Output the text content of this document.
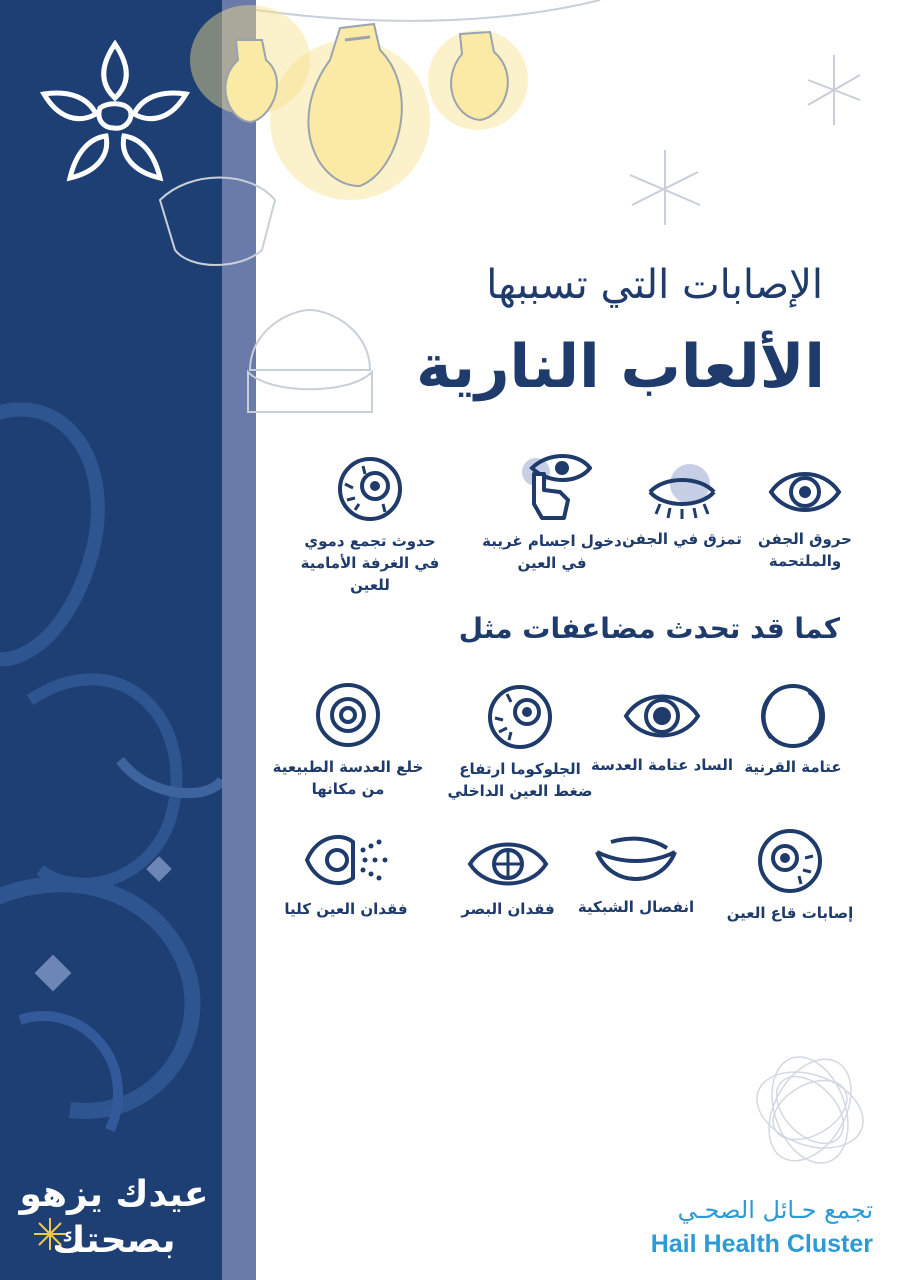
الإصابات التي تسببها
الألعاب النارية
حروق الجفن والملتحمة
تمزق في الجفن
دخول اجسام غريبة في العين
حدوث تجمع دموي في الغرفة الأمامية للعين
كما قد تحدث مضاعفات مثل
عتامة القرنية
الساد عتامة العدسة
الجلوكوما ارتفاع ضغط العين الداخلي
خلع العدسة الطبيعية من مكانها
إصابات قاع العين
انفصال الشبكية
فقدان البصر
فقدان العين كليا
عيدك يزهو
بصحتك
تجمع حـائل الصحـي
Hail Health Cluster
